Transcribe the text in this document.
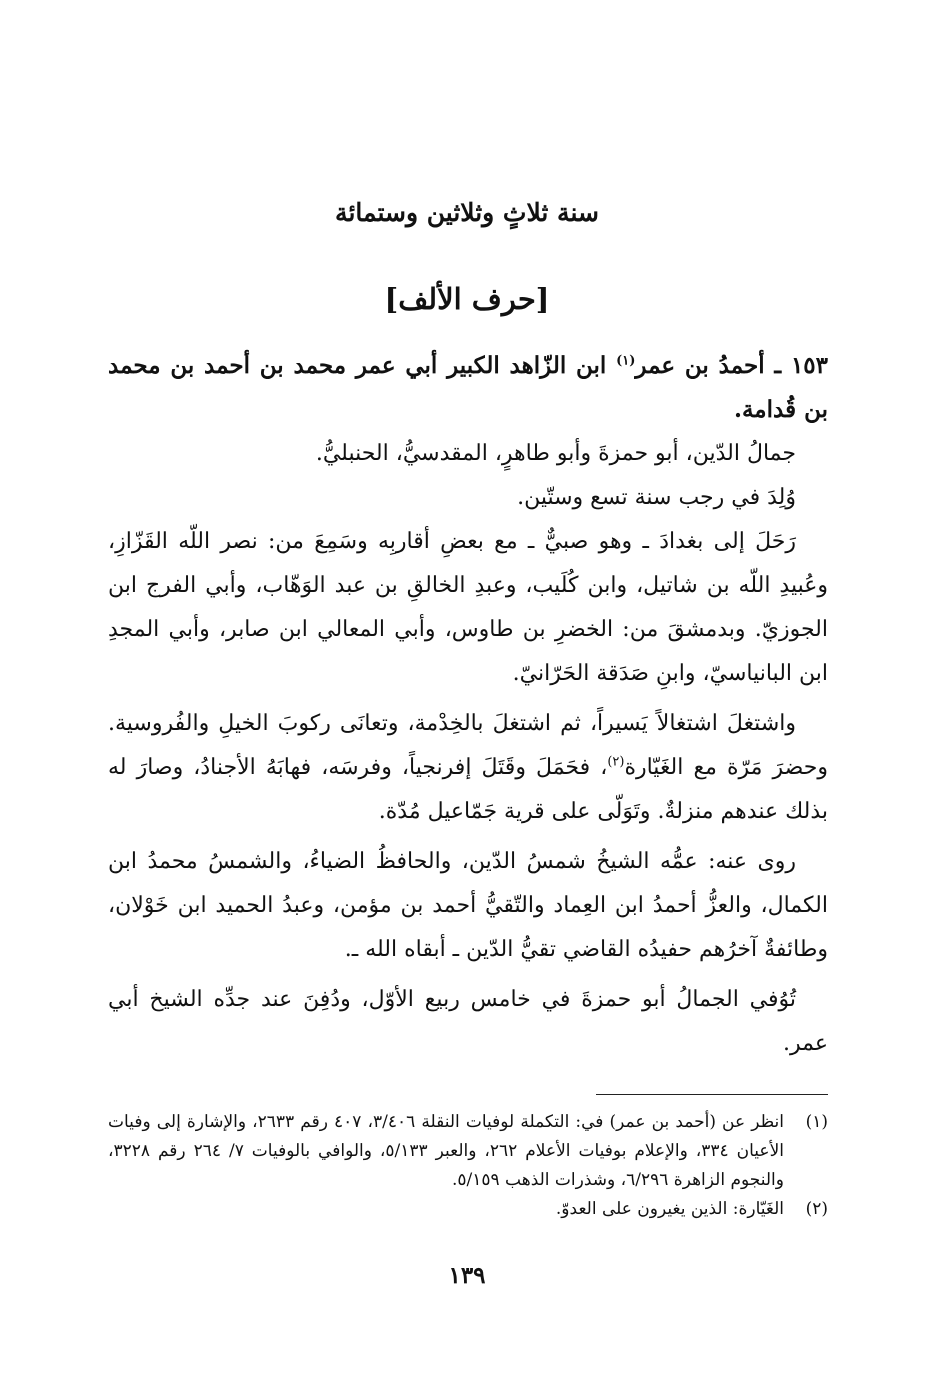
سنة ثلاثٍ وثلاثين وستمائة
[حرف الألف]

١٥٣ ـ أحمدُ بن عمر$^{(١)}$ ابن الزّاهد الكبير أبي عمر محمد بن أحمد بن محمد بن قُدامة.

جمالُ الدّين، أبو حمزةَ وأبو طاهرٍ، المقدسيُّ، الحنبليُّ.

وُلِدَ في رجب سنة تسع وستّين.

رَحَلَ إلى بغدادَ ـ وهو صبيٌّ ـ مع بعضِ أقاربِه وسَمِعَ من: نصر اللّه القَزّازِ، وعُبيدِ اللّه بن شاتيل، وابن كُلَيب، وعبدِ الخالقِ بن عبد الوَهّاب، وأبي الفرج ابن الجوزيّ. وبدمشقَ من: الخضرِ بن طاوس، وأبي المعالي ابن صابر، وأبي المجدِ ابن البانياسيّ، وابنِ صَدَقة الحَرّانيّ.

واشتغلَ اشتغالاً يَسيراً، ثم اشتغلَ بالخِدْمة، وتعانَى ركوبَ الخيلِ والفُروسية. وحضرَ مَرّة مع الغَيّارة$^{(٢)}$، فحَمَلَ وقَتَلَ إفرنجياً، وفرسَه، فهابَهُ الأجنادُ، وصارَ له بذلك عندهم منزلةٌ. وتَوَلّى على قرية جَمّاعيل مُدّة.

روى عنه: عمُّه الشيخُ شمسُ الدّين، والحافظُ الضياءُ، والشمسُ محمدُ ابن الكمال، والعزُّ أحمدُ ابن العِماد والتّقيُّ أحمد بن مؤمن، وعبدُ الحميد ابن خَوْلان، وطائفةٌ آخرُهم حفيدُه القاضي تقيُّ الدّين ـ أبقاه الله ـ.

تُوُفي الجمالُ أبو حمزةَ في خامس ربيع الأوّل، ودُفِنَ عند جدِّه الشيخ أبي عمر.

(١)
انظر عن (أحمد بن عمر) في: التكملة لوفيات النقلة ٣/٤٠٦، ٤٠٧ رقم ٢٦٣٣، والإشارة إلى وفيات الأعيان ٣٣٤، والإعلام بوفيات الأعلام ٢٦٢، والعبر ٥/١٣٣، والوافي بالوفيات ٧/ ٢٦٤ رقم ٣٢٢٨، والنجوم الزاهرة ٦/٢٩٦، وشذرات الذهب ٥/١٥٩.

(٢)
الغَيّارة: الذين يغيرون على العدوّ.

١٣٩
